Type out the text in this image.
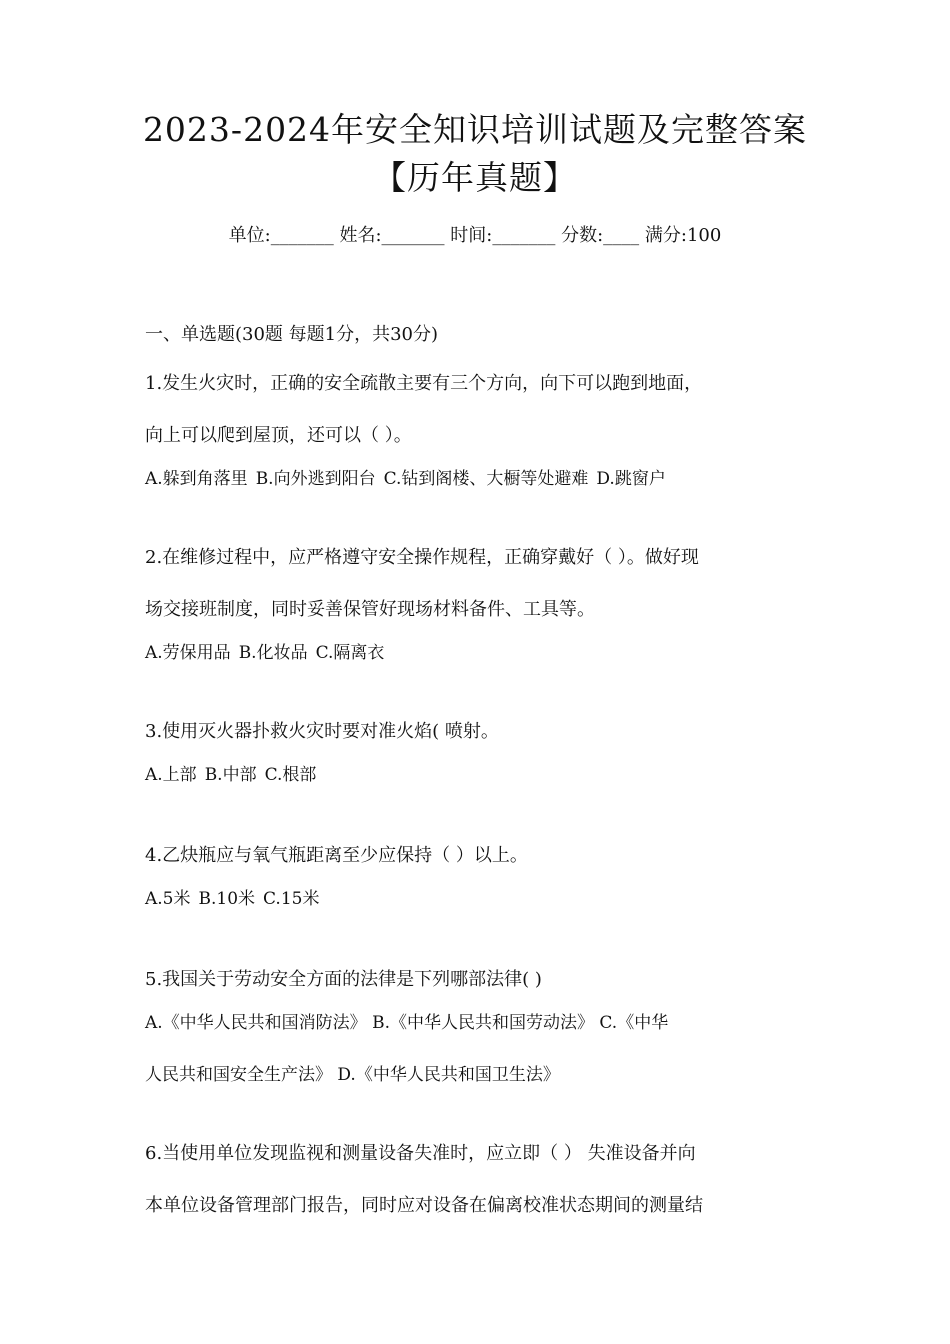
2023-2024年安全知识培训试题及完整答案
【历年真题】
单位:_______ 姓名:_______ 时间:_______ 分数:____ 满分:100
一、单选题(30题 每题1分，共30分)
1.发生火灾时，正确的安全疏散主要有三个方向，向下可以跑到地面，
向上可以爬到屋顶，还可以（ ）。
A.躲到角落里 B.向外逃到阳台 C.钻到阁楼、大橱等处避难 D.跳窗户
2.在维修过程中，应严格遵守安全操作规程，正确穿戴好（ ）。做好现
场交接班制度，同时妥善保管好现场材料备件、工具等。
A.劳保用品 B.化妆品 C.隔离衣
3.使用灭火器扑救火灾时要对准火焰( 喷射。
A.上部 B.中部 C.根部
4.乙炔瓶应与氧气瓶距离至少应保持（ ）以上。
A.5米 B.10米 C.15米
5.我国关于劳动安全方面的法律是下列哪部法律( )
A.《中华人民共和国消防法》 B.《中华人民共和国劳动法》 C.《中华
人民共和国安全生产法》 D.《中华人民共和国卫生法》
6.当使用单位发现监视和测量设备失准时，应立即（ ） 失准设备并向
本单位设备管理部门报告，同时应对设备在偏离校准状态期间的测量结
